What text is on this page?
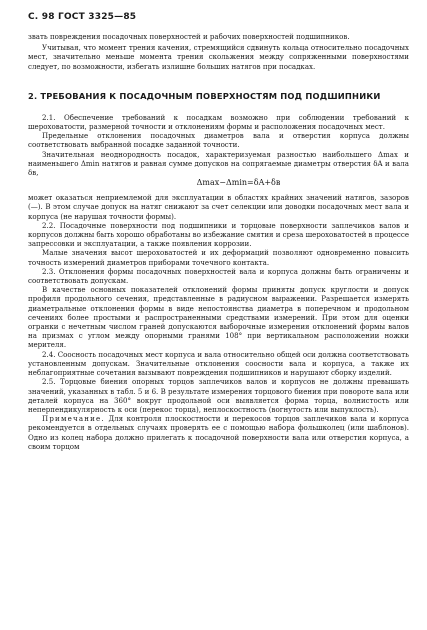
С. 98 ГОСТ 3325—85

звать повреждения посадочных поверхностей и рабочих поверхностей подшипников.

Учитывая, что момент трения качения, стремящийся сдвинуть кольца относительно посадочных мест, значительно меньше момента трения скольжения между сопряженными поверхностями следует, по возможности, избегать излишне больших натягов при посадках.

2. ТРЕБОВАНИЯ К ПОСАДОЧНЫМ ПОВЕРХНОСТЯМ ПОД ПОДШИПНИКИ

2.1. Обеспечение требований к посадкам возможно при соблюдении требований к шероховатости, размерной точности и отклонениям формы и расположения посадочных мест.

Предельные отклонения посадочных диаметров вала и отверстия корпуса должны соответствовать выбранной посадке заданной точности.

Значительная неоднородность посадок, характеризуемая разностью наибольшего Δmax и наименьшего Δmin натягов и равная сумме допусков на сопрягаемые диаметры отверстия δA и вала δв,

Δmax−Δmin=δA+δв

может оказаться неприемлемой для эксплуатации в областях крайних значений натягов, зазоров (—). В этом случае допуск на натяг снижают за счет селекции или доводки посадочных мест вала и корпуса (не нарушая точности формы).

2.2. Посадочные поверхности под подшипники и торцовые поверхности заплечиков валов и корпусов должны быть хорошо обработаны во избежание смятия и среза шероховатостей в процессе запрессовки и эксплуатации, а также появления коррозии.

Малые значения высот шероховатостей и их деформаций позволяют одновременно повысить точность измерений диаметров приборами точечного контакта.

2.3. Отклонения формы посадочных поверхностей вала и корпуса должны быть ограничены и соответствовать допускам.

В качестве основных показателей отклонений формы приняты допуск круглости и допуск профиля продольного сечения, представленные в радиусном выражении. Разрешается измерять диаметральные отклонения формы в виде непостоянства диаметра в поперечном и продольном сечениях более простыми и распространенными средствами измерений. При этом для оценки огранки с нечетным числом граней допускаются выборочные измерения отклонений формы валов на призмах с углом между опорными гранями 108° при вертикальном расположении ножки мерителя.

2.4. Соосность посадочных мест корпуса и вала относительно общей оси должна соответствовать установленным допускам. Значительные отклонения соосности вала и корпуса, а также их неблагоприятные сочетания вызывают повреждения подшипников и нарушают сборку изделий.

2.5. Торцовые биения опорных торцов заплечиков валов и корпусов не должны превышать значений, указанных в табл. 5 и 6. В результате измерения торцового биения при повороте вала или деталей корпуса на 360° вокруг продольной оси выявляется форма торца, волнистость или неперпендикулярность к оси (перекос торца), неплоскостность (вогнутость или выпуклость).

Примечание. Для контроля плоскостности и перекосов торцов заплечиков вала и корпуса рекомендуется в отдельных случаях проверять ее с помощью набора фольшколец (или шаблонов). Одно из колец набора должно прилегать к посадочной поверхности вала или отверстия корпуса, а своим торцом
